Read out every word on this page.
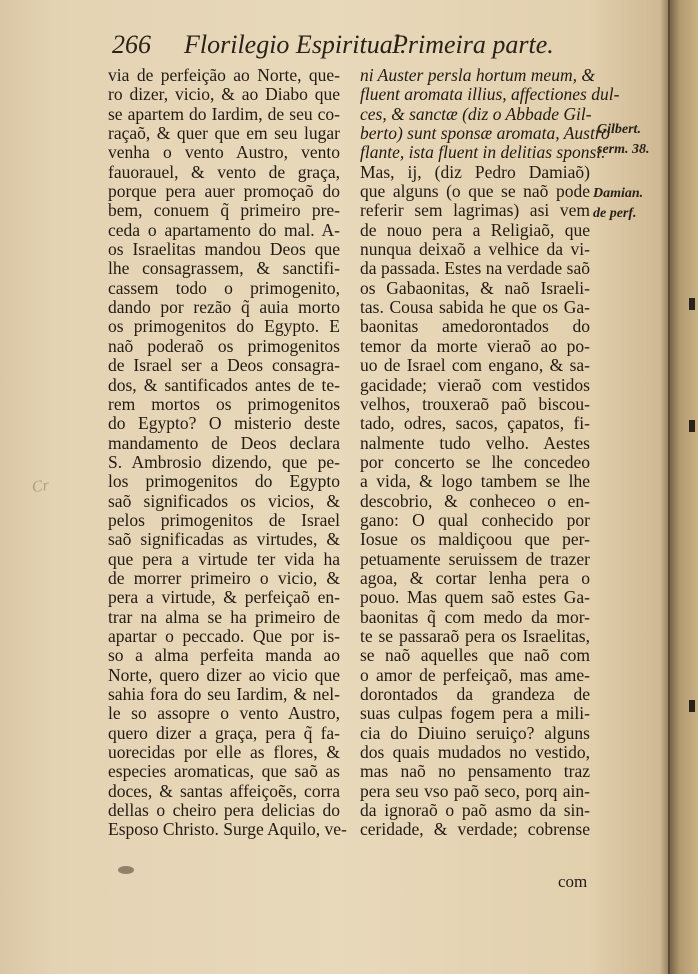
266 Florilegio Espiritual.
Primeira parte.
Cr
via de perfeição ao Norte, que-
ro dizer, vicio, & ao Diabo que
se apartem do Iardim, de seu co-
raçaõ, & quer que em seu lugar
venha o vento Austro, vento
fauorauel, & vento de graça,
porque pera auer promoçaõ do
bem, conuem q̃ primeiro pre-
ceda o apartamento do mal. A-
os Israelitas mandou Deos que
lhe consagrassem, & sanctifi-
cassem todo o primogenito,
dando por rezão q̃ auia morto
os primogenitos do Egypto. E
naõ poderaõ os primogenitos
de Israel ser a Deos consagra-
dos, & santificados antes de te-
rem mortos os primogenitos
do Egypto? O misterio deste
mandamento de Deos declara
S. Ambrosio dizendo, que pe-
los primogenitos do Egypto
saõ significados os vicios, &
pelos primogenitos de Israel
saõ significadas as virtudes, &
que pera a virtude ter vida ha
de morrer primeiro o vicio, &
pera a virtude, & perfeiçaõ en-
trar na alma se ha primeiro de
apartar o peccado. Que por is-
so a alma perfeita manda ao
Norte, quero dizer ao vicio que
sahia fora do seu Iardim, & nel-
le so assopre o vento Austro,
quero dizer a graça, pera q̃ fa-
uorecidas por elle as flores, &
especies aromaticas, que saõ as
doces, & santas affeiçoẽs, corra
dellas o cheiro pera delicias do
Esposo Christo. Surge Aquilo, ve-
ni Auster persla hortum meum, &
fluent aromata illius, affectiones dul-
ces, & sanctæ (diz o Abbade Gil-
berto) sunt sponsæ aromata, Austro
flante, ista fluent in delitias sponsi.
Mas, ij, (diz Pedro Damiaõ)
que alguns (o que se naõ pode
referir sem lagrimas) asi vem
de nouo pera a Religiaõ, que
nunqua deixaõ a velhice da vi-
da passada. Estes na verdade saõ
os Gabaonitas, & naõ Israeli-
tas. Cousa sabida he que os Ga-
baonitas amedorontados do
temor da morte vieraõ ao po-
uo de Israel com engano, & sa-
gacidade; vieraõ com vestidos
velhos, trouxeraõ paõ biscou-
tado, odres, sacos, çapatos, fi-
nalmente tudo velho. Aestes
por concerto se lhe concedeo
a vida, & logo tambem se lhe
descobrio, & conheceo o en-
gano: O qual conhecido por
Iosue os maldiçoou que per-
petuamente seruissem de trazer
agoa, & cortar lenha pera o
pouo. Mas quem saõ estes Ga-
baonitas q̃ com medo da mor-
te se passaraõ pera os Israelitas,
se naõ aquelles que naõ com
o amor de perfeiçaõ, mas ame-
dorontados da grandeza de
suas culpas fogem pera a mili-
cia do Diuino seruiço? alguns
dos quais mudados no vestido,
mas naõ no pensamento traz
pera seu vso paõ seco, porq ain-
da ignoraõ o paõ asmo da sin-
ceridade, & verdade; cobrense
Gilbert.
serm. 38.
Damian.
de perf.
com
